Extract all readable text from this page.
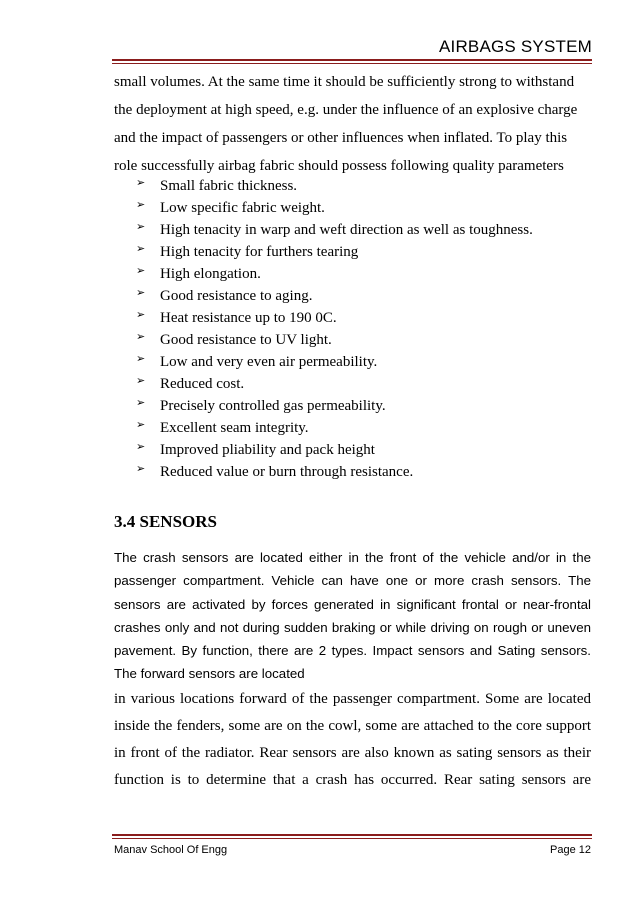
AIRBAGS SYSTEM
small volumes. At the same time it should be sufficiently strong to withstand the deployment at high speed, e.g. under the influence of an explosive charge and the impact of passengers or other influences when inflated. To play this role successfully airbag fabric should possess following quality parameters
➢ Small fabric thickness.
➢ Low specific fabric weight.
➢ High tenacity in warp and weft direction as well as toughness.
➢ High tenacity for furthers tearing
➢ High elongation.
➢ Good resistance to aging.
➢ Heat resistance up to 190 0C.
➢ Good resistance to UV light.
➢ Low and very even air permeability.
➢ Reduced cost.
➢ Precisely controlled gas permeability.
➢ Excellent seam integrity.
➢ Improved pliability and pack height
➢ Reduced value or burn through resistance.
3.4 SENSORS
The crash sensors are located either in the front of the vehicle and/or in the passenger compartment. Vehicle can have one or more crash sensors. The sensors are activated by forces generated in significant frontal or near-frontal crashes only and not during sudden braking or while driving on rough or uneven pavement. By function, there are 2 types. Impact sensors and Sating sensors. The forward sensors are located
in various locations forward of the passenger compartment. Some are located inside the fenders, some are on the cowl, some are attached to the core support in front of the radiator. Rear sensors are also known as sating sensors as their function is to determine that a crash has occurred. Rear sating sensors are
Manav School Of Engg	Page 12
